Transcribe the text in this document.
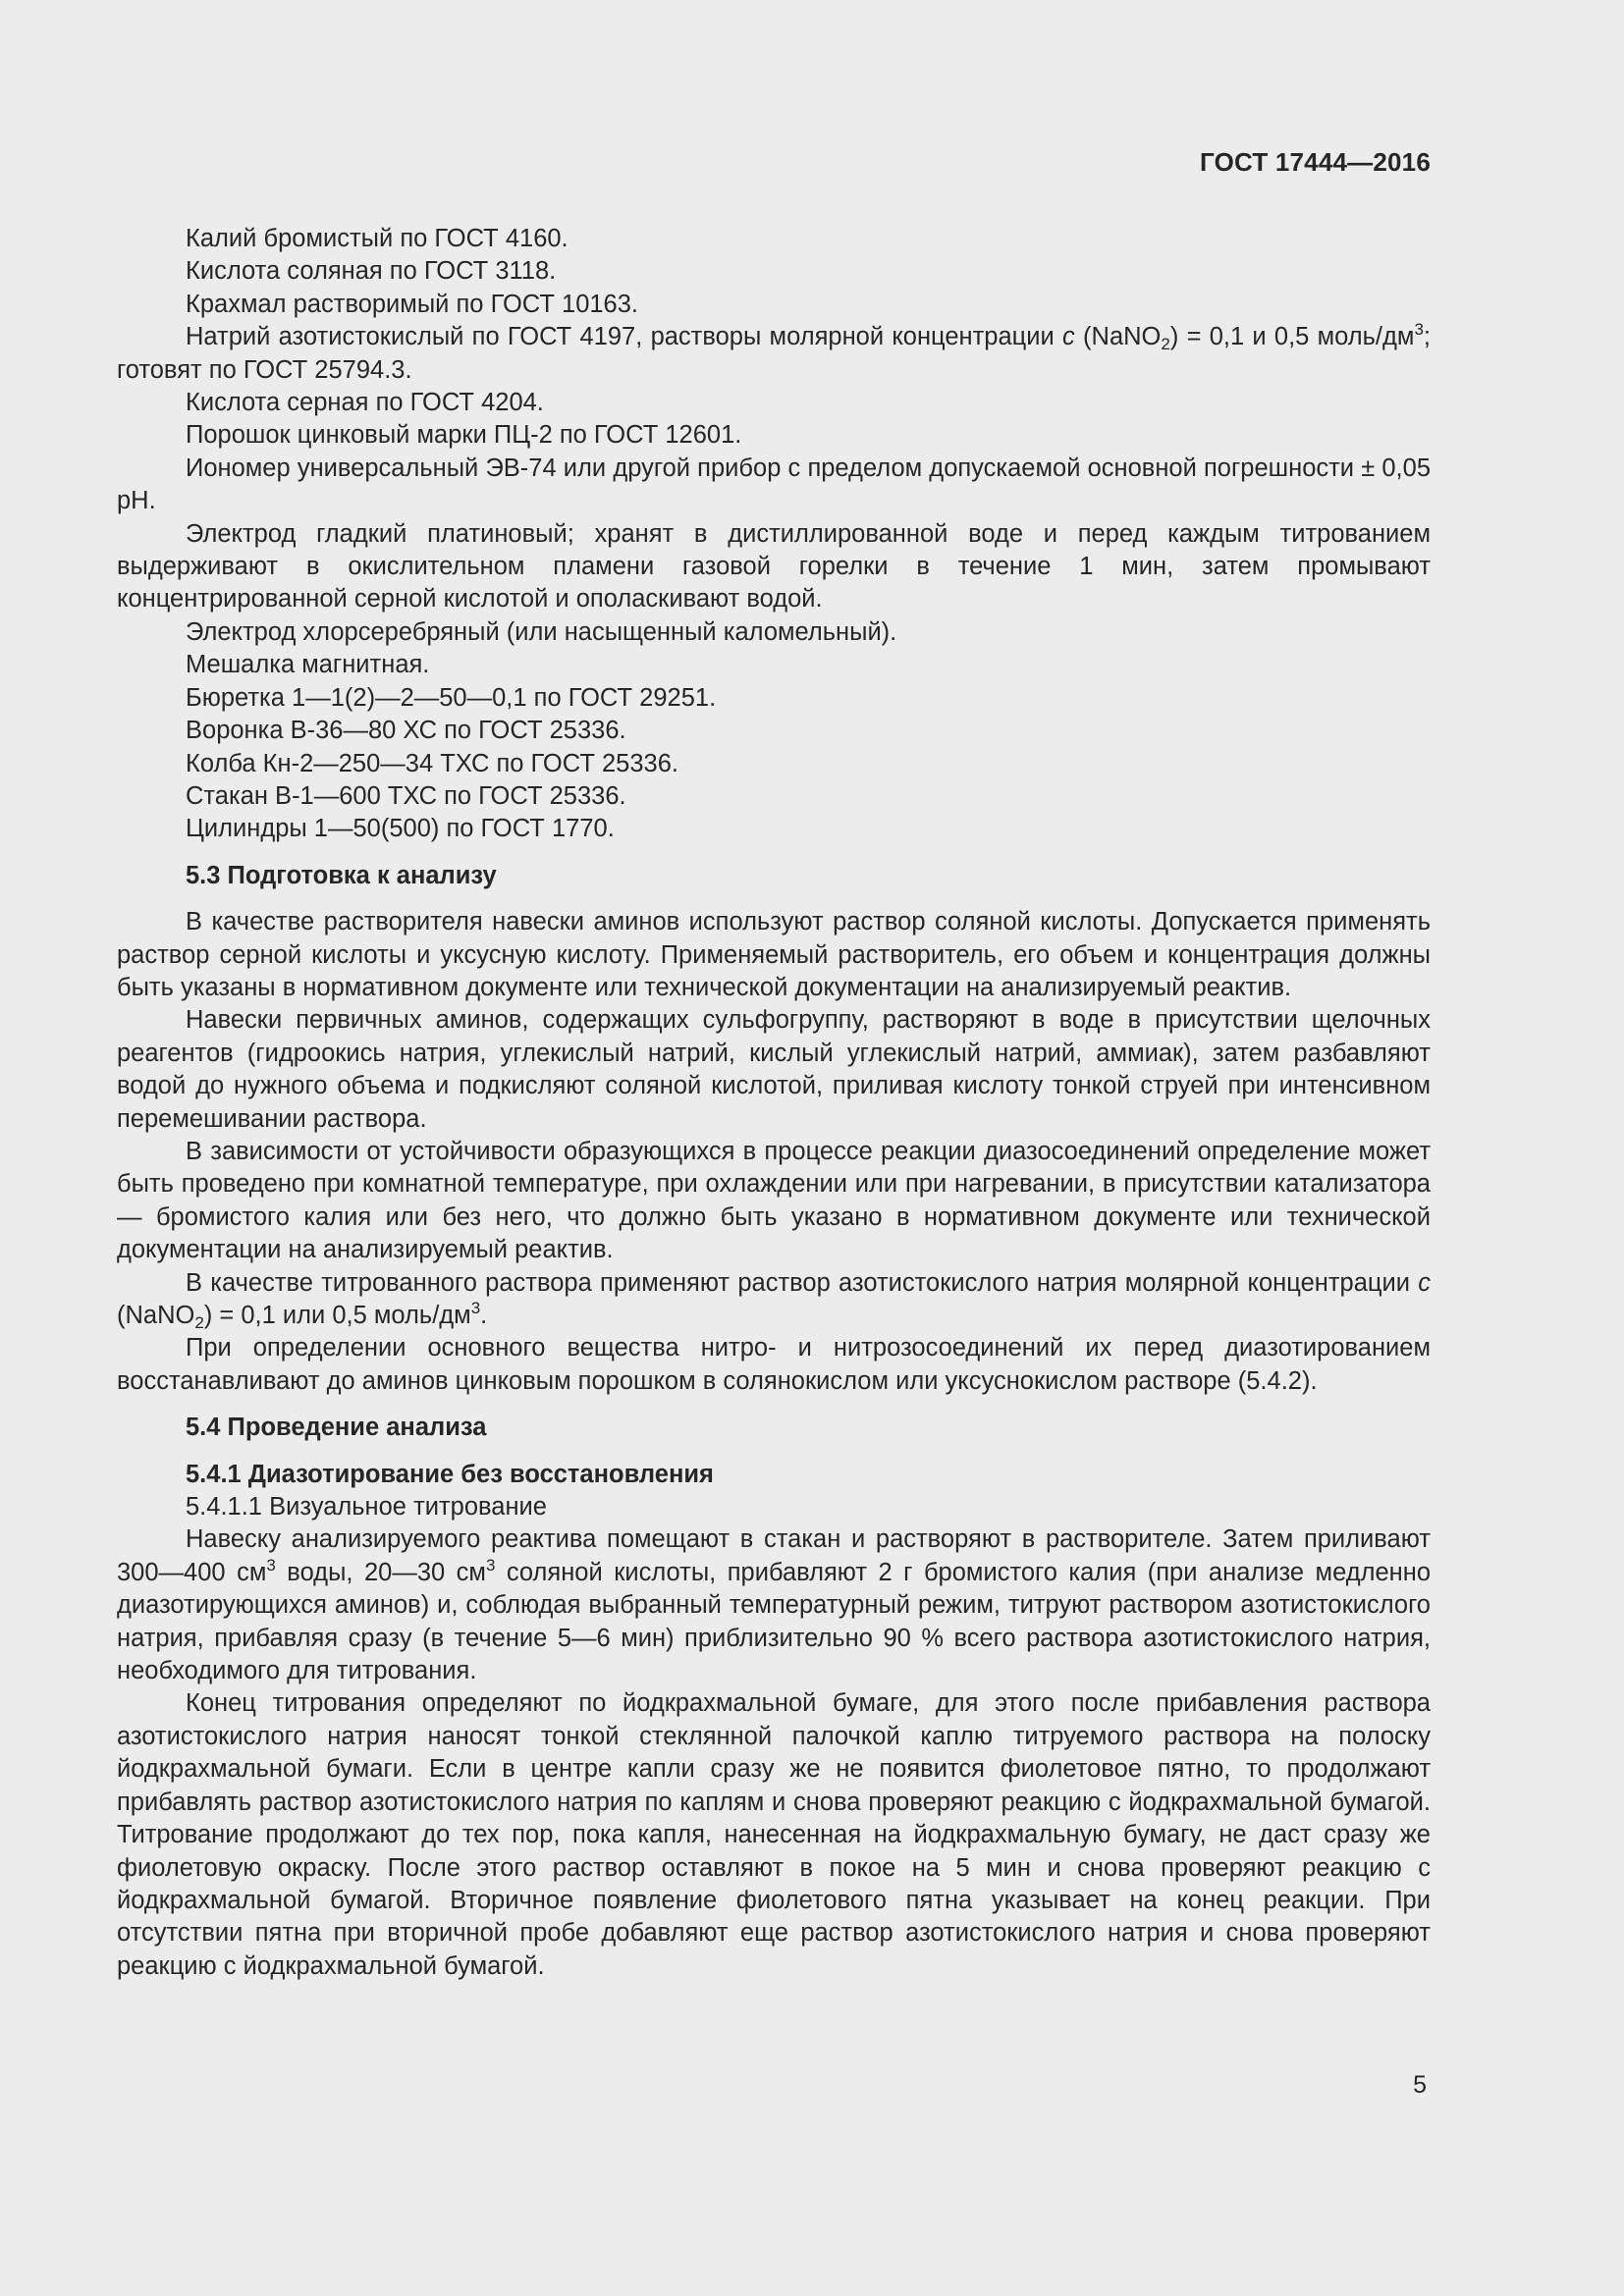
ГОСТ 17444—2016

Калий бромистый по ГОСТ 4160.

Кислота соляная по ГОСТ 3118.

Крахмал растворимый по ГОСТ 10163.

Натрий азотистокислый по ГОСТ 4197, растворы молярной концентрации c (NaNO$_2$) = 0,1 и 0,5 моль/$дм^3$; готовят по ГОСТ 25794.3.

Кислота серная по ГОСТ 4204.

Порошок цинковый марки ПЦ-2 по ГОСТ 12601.

Иономер универсальный ЭВ-74 или другой прибор с пределом допускаемой основной погрешности ± 0,05 pH.

Электрод гладкий платиновый; хранят в дистиллированной воде и перед каждым титрованием выдерживают в окислительном пламени газовой горелки в течение 1 мин, затем промывают концентрированной серной кислотой и ополаскивают водой.

Электрод хлорсеребряный (или насыщенный каломельный).

Мешалка магнитная.

Бюретка 1—1(2)—2—50—0,1 по ГОСТ 29251.

Воронка В-36—80 ХС по ГОСТ 25336.

Колба Кн-2—250—34 ТХС по ГОСТ 25336.

Стакан В-1—600 ТХС по ГОСТ 25336.

Цилиндры 1—50(500) по ГОСТ 1770.

5.3 Подготовка к анализу

В качестве растворителя навески аминов используют раствор соляной кислоты. Допускается применять раствор серной кислоты и уксусную кислоту. Применяемый растворитель, его объем и концентрация должны быть указаны в нормативном документе или технической документации на анализируемый реактив.

Навески первичных аминов, содержащих сульфогруппу, растворяют в воде в присутствии щелочных реагентов (гидроокись натрия, углекислый натрий, кислый углекислый натрий, аммиак), затем разбавляют водой до нужного объема и подкисляют соляной кислотой, приливая кислоту тонкой струей при интенсивном перемешивании раствора.

В зависимости от устойчивости образующихся в процессе реакции диазосоединений определение может быть проведено при комнатной температуре, при охлаждении или при нагревании, в присутствии катализатора — бромистого калия или без него, что должно быть указано в нормативном документе или технической документации на анализируемый реактив.

В качестве титрованного раствора применяют раствор азотистокислого натрия молярной концентрации c (NaNO$_2$) = 0,1 или 0,5 моль/$дм^3$.

При определении основного вещества нитро- и нитрозосоединений их перед диазотированием восстанавливают до аминов цинковым порошком в солянокислом или уксуснокислом растворе (5.4.2).

5.4 Проведение анализа
5.4.1 Диазотирование без восстановления

5.4.1.1 Визуальное титрование

Навеску анализируемого реактива помещают в стакан и растворяют в растворителе. Затем приливают 300—400 $см^3$ воды, 20—30 $см^3$ соляной кислоты, прибавляют 2 г бромистого калия (при анализе медленно диазотирующихся аминов) и, соблюдая выбранный температурный режим, титруют раствором азотистокислого натрия, прибавляя сразу (в течение 5—6 мин) приблизительно 90 % всего раствора азотистокислого натрия, необходимого для титрования.

Конец титрования определяют по йодкрахмальной бумаге, для этого после прибавления раствора азотистокислого натрия наносят тонкой стеклянной палочкой каплю титруемого раствора на полоску йодкрахмальной бумаги. Если в центре капли сразу же не появится фиолетовое пятно, то продолжают прибавлять раствор азотистокислого натрия по каплям и снова проверяют реакцию с йодкрахмальной бумагой. Титрование продолжают до тех пор, пока капля, нанесенная на йодкрахмальную бумагу, не даст сразу же фиолетовую окраску. После этого раствор оставляют в покое на 5 мин и снова проверяют реакцию с йодкрахмальной бумагой. Вторичное появление фиолетового пятна указывает на конец реакции. При отсутствии пятна при вторичной пробе добавляют еще раствор азотистокислого натрия и снова проверяют реакцию с йодкрахмальной бумагой.

5
